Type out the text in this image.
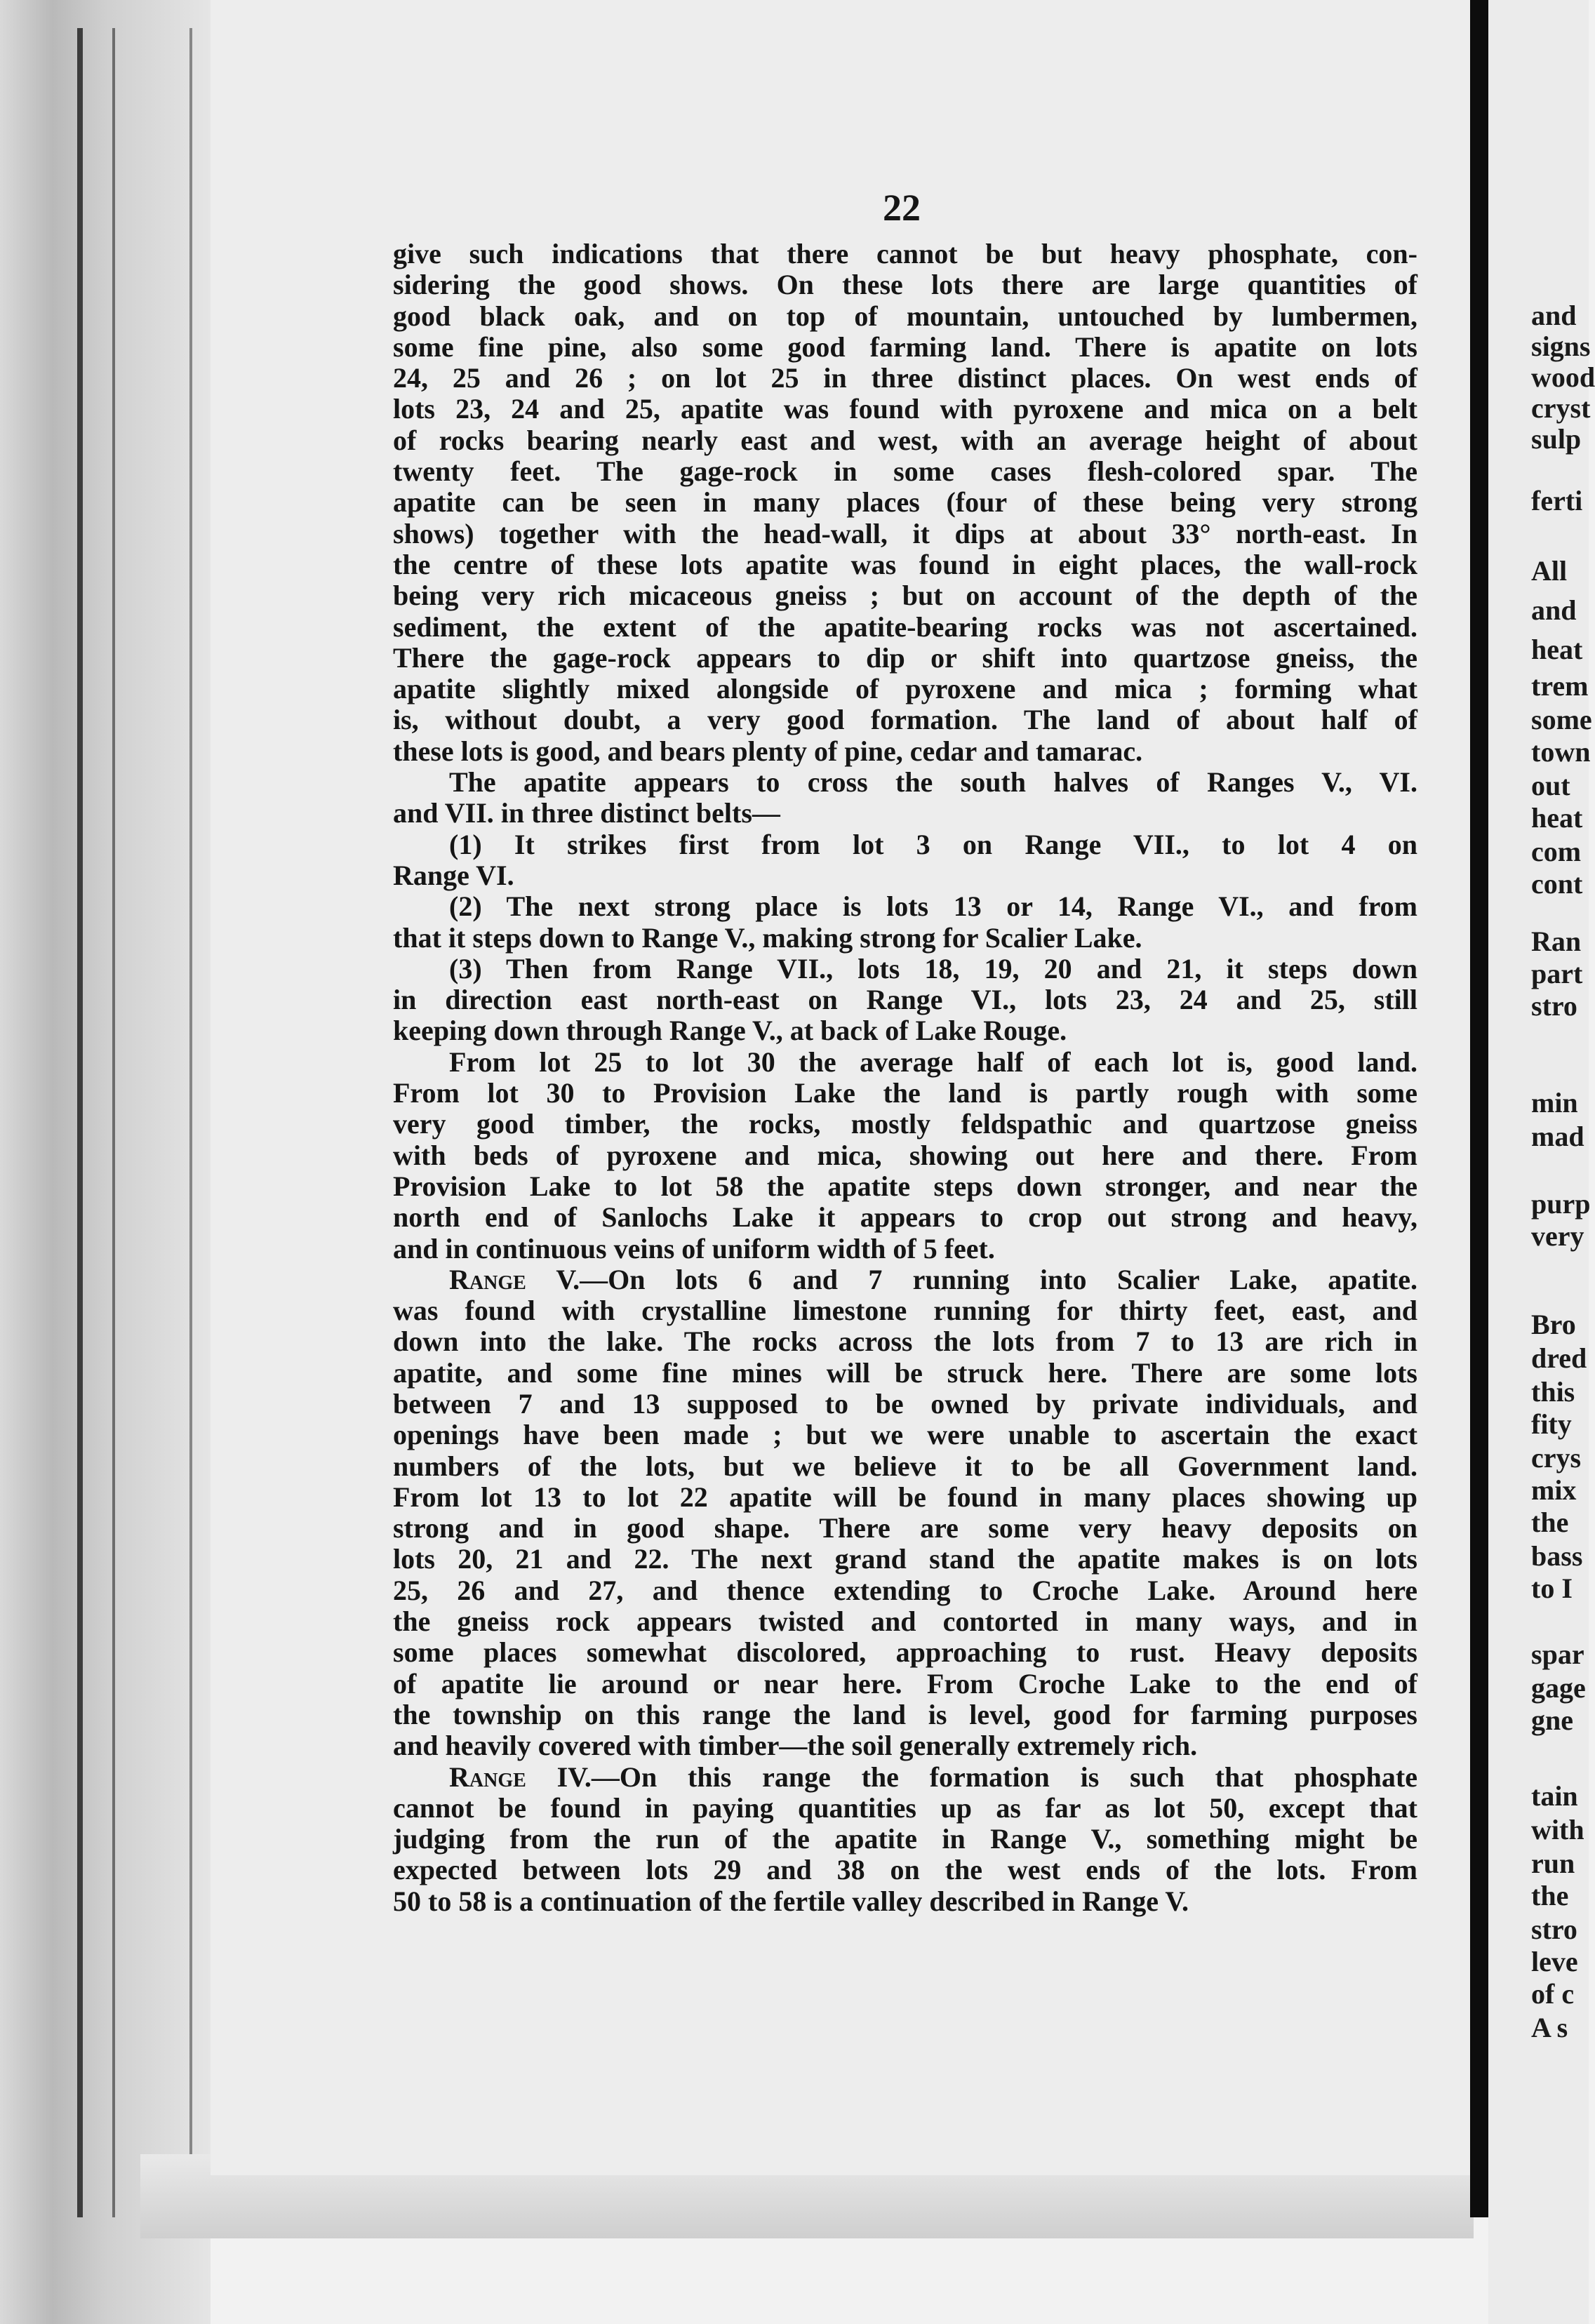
and
signs
wood
cryst
sulp
ferti
All
and
heat
trem
some
town
out
heat
com
cont
Ran
part
stro
min
mad
purp
very
Bro
dred
this
fity
crys
mix
the
bass
to I
spar
gage
gne
tain
with
run
the
stro
leve
of c
A s
22

give such indications that there cannot be but heavy phosphate, con-

sidering the good shows. On these lots there are large quantities of

good black oak, and on top of mountain, untouched by lumbermen,

some fine pine, also some good farming land. There is apatite on lots

24, 25 and 26 ; on lot 25 in three distinct places. On west ends of

lots 23, 24 and 25, apatite was found with pyroxene and mica on a belt

of rocks bearing nearly east and west, with an average height of about

twenty feet. The gage-rock in some cases flesh-colored spar. The

apatite can be seen in many places (four of these being very strong

shows) together with the head-wall, it dips at about 33° north-east. In

the centre of these lots apatite was found in eight places, the wall-rock

being very rich micaceous gneiss ; but on account of the depth of the

sediment, the extent of the apatite-bearing rocks was not ascertained.

There the gage-rock appears to dip or shift into quartzose gneiss, the

apatite slightly mixed alongside of pyroxene and mica ; forming what

is, without doubt, a very good formation. The land of about half of

these lots is good, and bears plenty of pine, cedar and tamarac.

The apatite appears to cross the south halves of Ranges V., VI.

and VII. in three distinct belts—

(1) It strikes first from lot 3 on Range VII., to lot 4 on

Range VI.

(2) The next strong place is lots 13 or 14, Range VI., and from

that it steps down to Range V., making strong for Scalier Lake.

(3) Then from Range VII., lots 18, 19, 20 and 21, it steps down

in direction east north-east on Range VI., lots 23, 24 and 25, still

keeping down through Range V., at back of Lake Rouge.

From lot 25 to lot 30 the average half of each lot is, good land.

From lot 30 to Provision Lake the land is partly rough with some

very good timber, the rocks, mostly feldspathic and quartzose gneiss

with beds of pyroxene and mica, showing out here and there. From

Provision Lake to lot 58 the apatite steps down stronger, and near the

north end of Sanlochs Lake it appears to crop out strong and heavy,

and in continuous veins of uniform width of 5 feet.

Range V.—On lots 6 and 7 running into Scalier Lake, apatite.

was found with crystalline limestone running for thirty feet, east, and

down into the lake. The rocks across the lots from 7 to 13 are rich in

apatite, and some fine mines will be struck here. There are some lots

between 7 and 13 supposed to be owned by private individuals, and

openings have been made ; but we were unable to ascertain the exact

numbers of the lots, but we believe it to be all Government land.

From lot 13 to lot 22 apatite will be found in many places showing up

strong and in good shape. There are some very heavy deposits on

lots 20, 21 and 22. The next grand stand the apatite makes is on lots

25, 26 and 27, and thence extending to Croche Lake. Around here

the gneiss rock appears twisted and contorted in many ways, and in

some places somewhat discolored, approaching to rust. Heavy deposits

of apatite lie around or near here. From Croche Lake to the end of

the township on this range the land is level, good for farming purposes

and heavily covered with timber—the soil generally extremely rich.

Range IV.—On this range the formation is such that phosphate

cannot be found in paying quantities up as far as lot 50, except that

judging from the run of the apatite in Range V., something might be

expected between lots 29 and 38 on the west ends of the lots. From

50 to 58 is a continuation of the fertile valley described in Range V.
